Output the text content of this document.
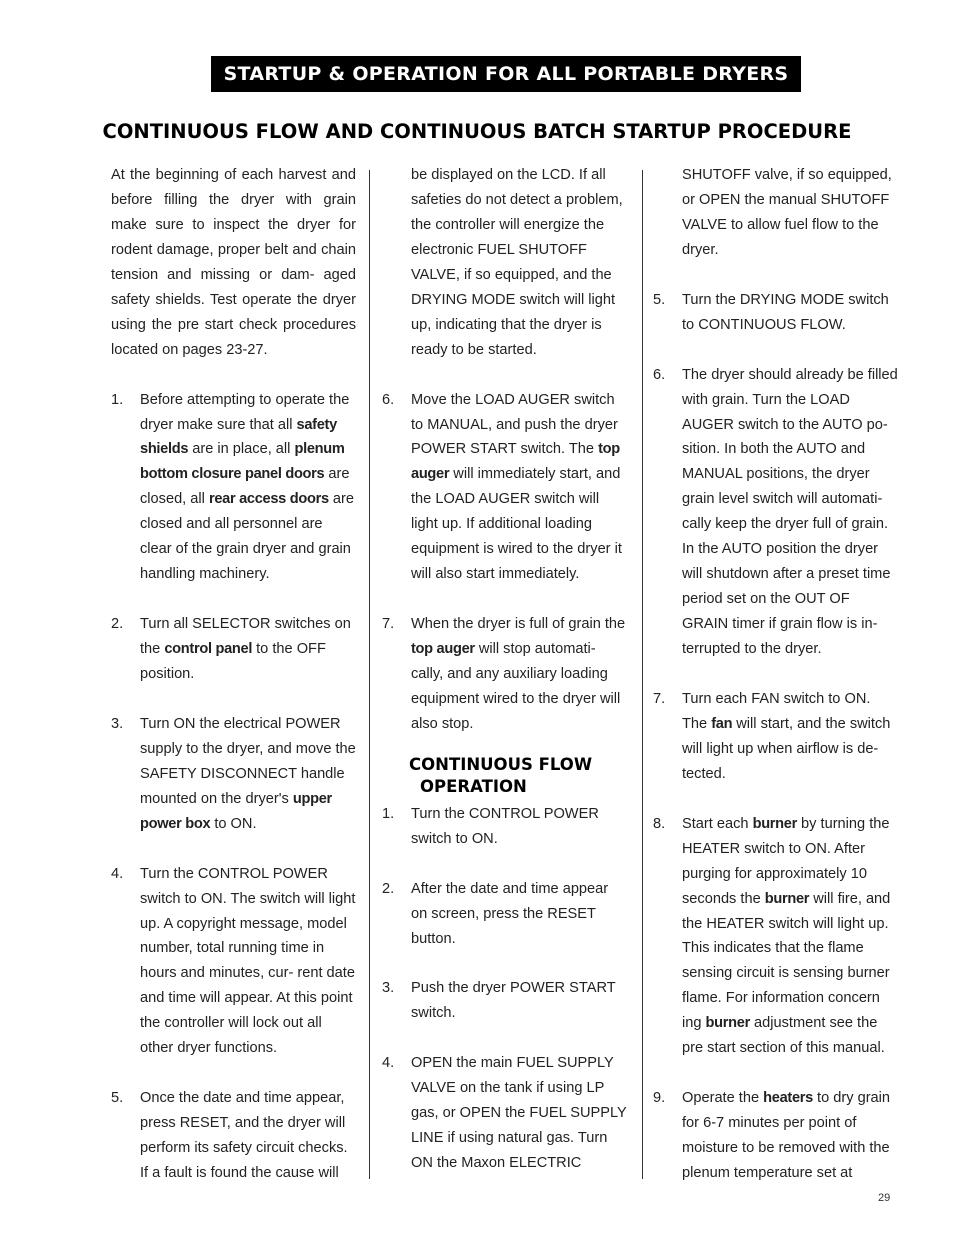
STARTUP & OPERATION FOR ALL PORTABLE DRYERS
CONTINUOUS FLOW AND CONTINUOUS BATCH STARTUP PROCEDURE

At the beginning of each harvest and before filling the dryer with grain make sure to inspect the dryer for rodent damage, proper belt and chain tension and missing or dam- aged safety shields. Test operate the dryer using the pre start check procedures located on pages 23-27.

1.	Before attempting to operate the dryer make sure that all safety shields are in place, all plenum bottom closure panel doors are closed, all rear access doors are closed and all personnel are clear of the grain dryer and grain handling machinery.
2.	Turn all SELECTOR switches on the control panel to the OFF position.
3.	Turn ON the electrical POWER supply to the dryer, and move the SAFETY DISCONNECT handle mounted on the dryer's upper power box to ON.
4.	Turn the CONTROL POWER switch to ON. The switch will light up. A copyright message, model number, total running time in hours and minutes, cur- rent date and time will appear. At this point the controller will lock out all other dryer functions.
5.	Once the date and time appear, press RESET, and the dryer will perform its safety circuit checks. If a fault is found the cause will

be displayed on the LCD. If all safeties do not detect a problem, the controller will energize the electronic FUEL SHUTOFF VALVE, if so equipped, and the DRYING MODE switch will light up, indicating that the dryer is ready to be started.

6.	Move the LOAD AUGER switch to MANUAL, and push the dryer POWER START switch. The top auger will immediately start, and the LOAD AUGER switch will light up. If additional loading equipment is wired to the dryer it will also start immediately.
7.	When the dryer is full of grain the top auger will stop automati- cally, and any auxiliary loading equipment wired to the dryer will also stop.
CONTINUOUS FLOW
OPERATION
1.	Turn the CONTROL POWER switch to ON.
2.	After the date and time appear on screen, press the RESET button.
3.	Push the dryer POWER START switch.
4.	OPEN the main FUEL SUPPLY VALVE on the tank if using LP gas, or OPEN the FUEL SUPPLY LINE if using natural gas. Turn ON the Maxon ELECTRIC

SHUTOFF valve, if so equipped, or OPEN the manual SHUTOFF VALVE to allow fuel flow to the dryer.

5.	Turn the DRYING MODE switch to CONTINUOUS FLOW.
6.	The dryer should already be filled with grain. Turn the LOAD AUGER switch to the AUTO po- sition. In both the AUTO and MANUAL positions, the dryer grain level switch will automati- cally keep the dryer full of grain. In the AUTO position the dryer will shutdown after a preset time period set on the OUT OF GRAIN timer if grain flow is in- terrupted to the dryer.
7.	Turn each FAN switch to ON. The fan will start, and the switch will light up when airflow is de- tected.
8.	Start each burner by turning the HEATER switch to ON. After purging for approximately 10 seconds the burner will fire, and the HEATER switch will light up. This indicates that the flame sensing circuit is sensing burner flame. For information concern ing burner adjustment see the pre start section of this manual.
9.	Operate the heaters to dry grain for 6-7 minutes per point of moisture to be removed with the plenum temperature set at
29
